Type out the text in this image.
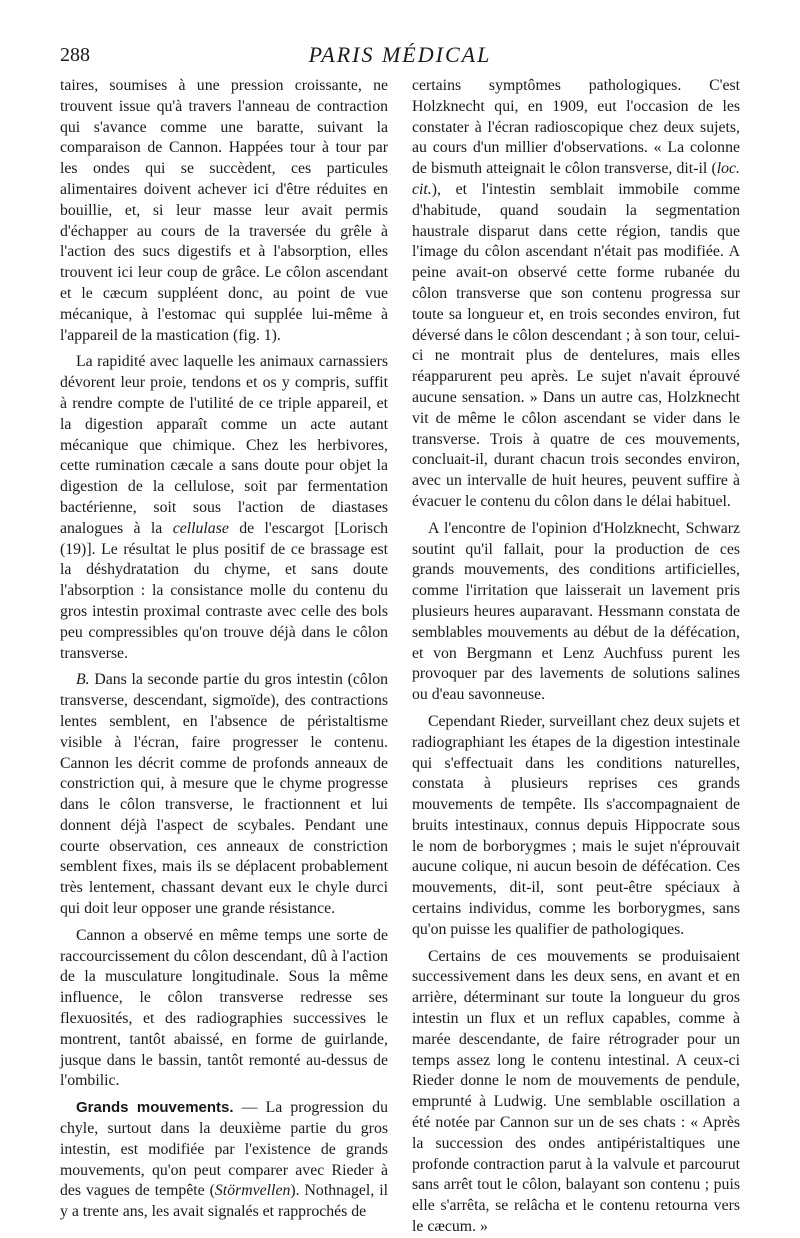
288	PARIS MÉDICAL

taires, soumises à une pression croissante, ne trouvent issue qu'à travers l'anneau de contraction qui s'avance comme une baratte, suivant la comparaison de Cannon. Happées tour à tour par les ondes qui se succèdent, ces particules alimentaires doivent achever ici d'être réduites en bouillie, et, si leur masse leur avait permis d'échapper au cours de la traversée du grêle à l'action des sucs digestifs et à l'absorption, elles trouvent ici leur coup de grâce. Le côlon ascendant et le cæcum suppléent donc, au point de vue mécanique, à l'estomac qui supplée lui-même à l'appareil de la mastication (fig. 1).

La rapidité avec laquelle les animaux carnassiers dévorent leur proie, tendons et os y compris, suffit à rendre compte de l'utilité de ce triple appareil, et la digestion apparaît comme un acte autant mécanique que chimique. Chez les herbivores, cette rumination cæcale a sans doute pour objet la digestion de la cellulose, soit par fermentation bactérienne, soit sous l'action de diastases analogues à la cellulase de l'escargot [Lorisch (19)]. Le résultat le plus positif de ce brassage est la déshydratation du chyme, et sans doute l'absorption : la consistance molle du contenu du gros intestin proximal contraste avec celle des bols peu compressibles qu'on trouve déjà dans le côlon transverse.

B. Dans la seconde partie du gros intestin (côlon transverse, descendant, sigmoïde), des contractions lentes semblent, en l'absence de péristaltisme visible à l'écran, faire progresser le contenu. Cannon les décrit comme de profonds anneaux de constriction qui, à mesure que le chyme progresse dans le côlon transverse, le fractionnent et lui donnent déjà l'aspect de scybales. Pendant une courte observation, ces anneaux de constriction semblent fixes, mais ils se déplacent probablement très lentement, chassant devant eux le chyle durci qui doit leur opposer une grande résistance.

Cannon a observé en même temps une sorte de raccourcissement du côlon descendant, dû à l'action de la musculature longitudinale. Sous la même influence, le côlon transverse redresse ses flexuosités, et des radiographies successives le montrent, tantôt abaissé, en forme de guirlande, jusque dans le bassin, tantôt remonté au-dessus de l'ombilic.

Grands mouvements. — La progression du chyle, surtout dans la deuxième partie du gros intestin, est modifiée par l'existence de grands mouvements, qu'on peut comparer avec Rieder à des vagues de tempête (Störmvellen). Nothnagel, il y a trente ans, les avait signalés et rapprochés de

certains symptômes pathologiques. C'est Holzknecht qui, en 1909, eut l'occasion de les constater à l'écran radioscopique chez deux sujets, au cours d'un millier d'observations. « La colonne de bismuth atteignait le côlon transverse, dit-il (loc. cit.), et l'intestin semblait immobile comme d'habitude, quand soudain la segmentation haustrale disparut dans cette région, tandis que l'image du côlon ascendant n'était pas modifiée. A peine avait-on observé cette forme rubanée du côlon transverse que son contenu progressa sur toute sa longueur et, en trois secondes environ, fut déversé dans le côlon descendant ; à son tour, celui-ci ne montrait plus de dentelures, mais elles réapparurent peu après. Le sujet n'avait éprouvé aucune sensation. » Dans un autre cas, Holzknecht vit de même le côlon ascendant se vider dans le transverse. Trois à quatre de ces mouvements, concluait-il, durant chacun trois secondes environ, avec un intervalle de huit heures, peuvent suffire à évacuer le contenu du côlon dans le délai habituel.

A l'encontre de l'opinion d'Holzknecht, Schwarz soutint qu'il fallait, pour la production de ces grands mouvements, des conditions artificielles, comme l'irritation que laisserait un lavement pris plusieurs heures auparavant. Hessmann constata de semblables mouvements au début de la défécation, et von Bergmann et Lenz Auchfuss purent les provoquer par des lavements de solutions salines ou d'eau savonneuse.

Cependant Rieder, surveillant chez deux sujets et radiographiant les étapes de la digestion intestinale qui s'effectuait dans les conditions naturelles, constata à plusieurs reprises ces grands mouvements de tempête. Ils s'accompagnaient de bruits intestinaux, connus depuis Hippocrate sous le nom de borborygmes ; mais le sujet n'éprouvait aucune colique, ni aucun besoin de défécation. Ces mouvements, dit-il, sont peut-être spéciaux à certains individus, comme les borborygmes, sans qu'on puisse les qualifier de pathologiques.

Certains de ces mouvements se produisaient successivement dans les deux sens, en avant et en arrière, déterminant sur toute la longueur du gros intestin un flux et un reflux capables, comme à marée descendante, de faire rétrograder pour un temps assez long le contenu intestinal. A ceux-ci Rieder donne le nom de mouvements de pendule, emprunté à Ludwig. Une semblable oscillation a été notée par Cannon sur un de ses chats : « Après la succession des ondes antipéristaltiques une profonde contraction parut à la valvule et parcourut sans arrêt tout le côlon, balayant son contenu ; puis elle s'arrêta, se relâcha et le contenu retourna vers le cæcum. »
